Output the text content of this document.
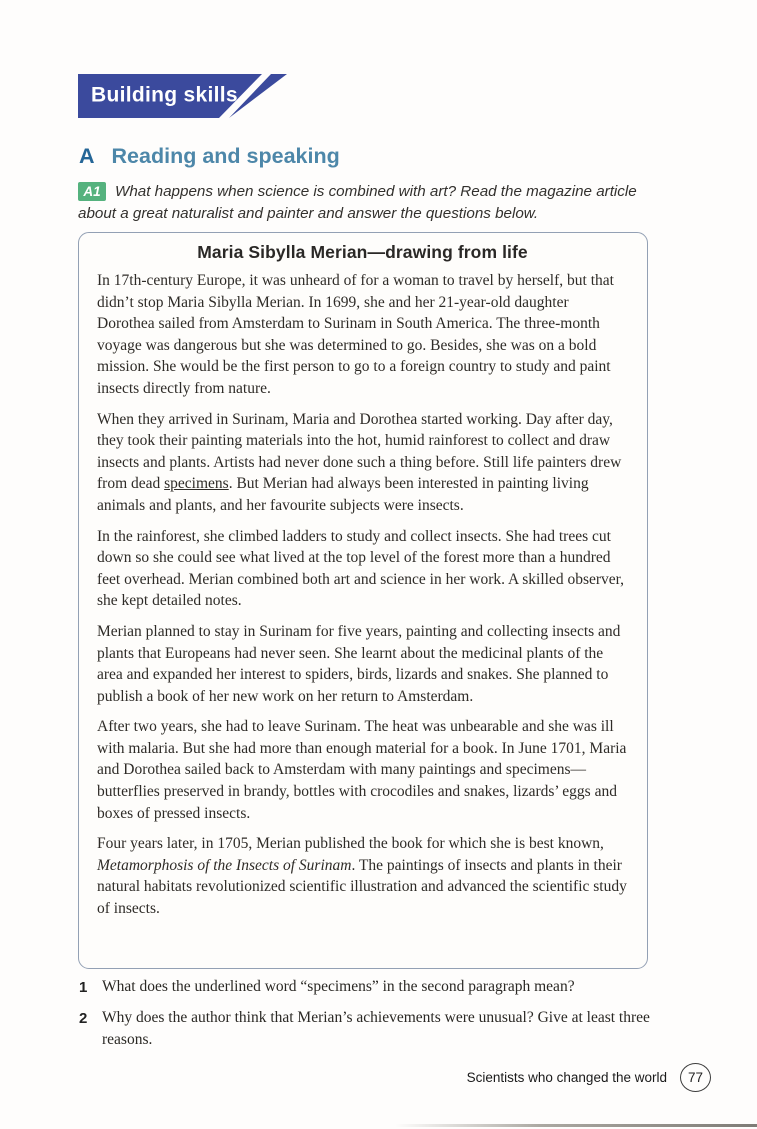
Building skills
A Reading and speaking
A1 What happens when science is combined with art? Read the magazine article about a great naturalist and painter and answer the questions below.
Maria Sibylla Merian—drawing from life

In 17th-century Europe, it was unheard of for a woman to travel by herself, but that didn’t stop Maria Sibylla Merian. In 1699, she and her 21-year-old daughter Dorothea sailed from Amsterdam to Surinam in South America. The three-month voyage was dangerous but she was determined to go. Besides, she was on a bold mission. She would be the first person to go to a foreign country to study and paint insects directly from nature.

When they arrived in Surinam, Maria and Dorothea started working. Day after day, they took their painting materials into the hot, humid rainforest to collect and draw insects and plants. Artists had never done such a thing before. Still life painters drew from dead specimens. But Merian had always been interested in painting living animals and plants, and her favourite subjects were insects.

In the rainforest, she climbed ladders to study and collect insects. She had trees cut down so she could see what lived at the top level of the forest more than a hundred feet overhead. Merian combined both art and science in her work. A skilled observer, she kept detailed notes.

Merian planned to stay in Surinam for five years, painting and collecting insects and plants that Europeans had never seen. She learnt about the medicinal plants of the area and expanded her interest to spiders, birds, lizards and snakes. She planned to publish a book of her new work on her return to Amsterdam.

After two years, she had to leave Surinam. The heat was unbearable and she was ill with malaria. But she had more than enough material for a book. In June 1701, Maria and Dorothea sailed back to Amsterdam with many paintings and specimens—butterflies preserved in brandy, bottles with crocodiles and snakes, lizards’ eggs and boxes of pressed insects.

Four years later, in 1705, Merian published the book for which she is best known, Metamorphosis of the Insects of Surinam. The paintings of insects and plants in their natural habitats revolutionized scientific illustration and advanced the scientific study of insects.

1 What does the underlined word “specimens” in the second paragraph mean?
2 Why does the author think that Merian’s achievements were unusual? Give at least three reasons.
Scientists who changed the world	77
